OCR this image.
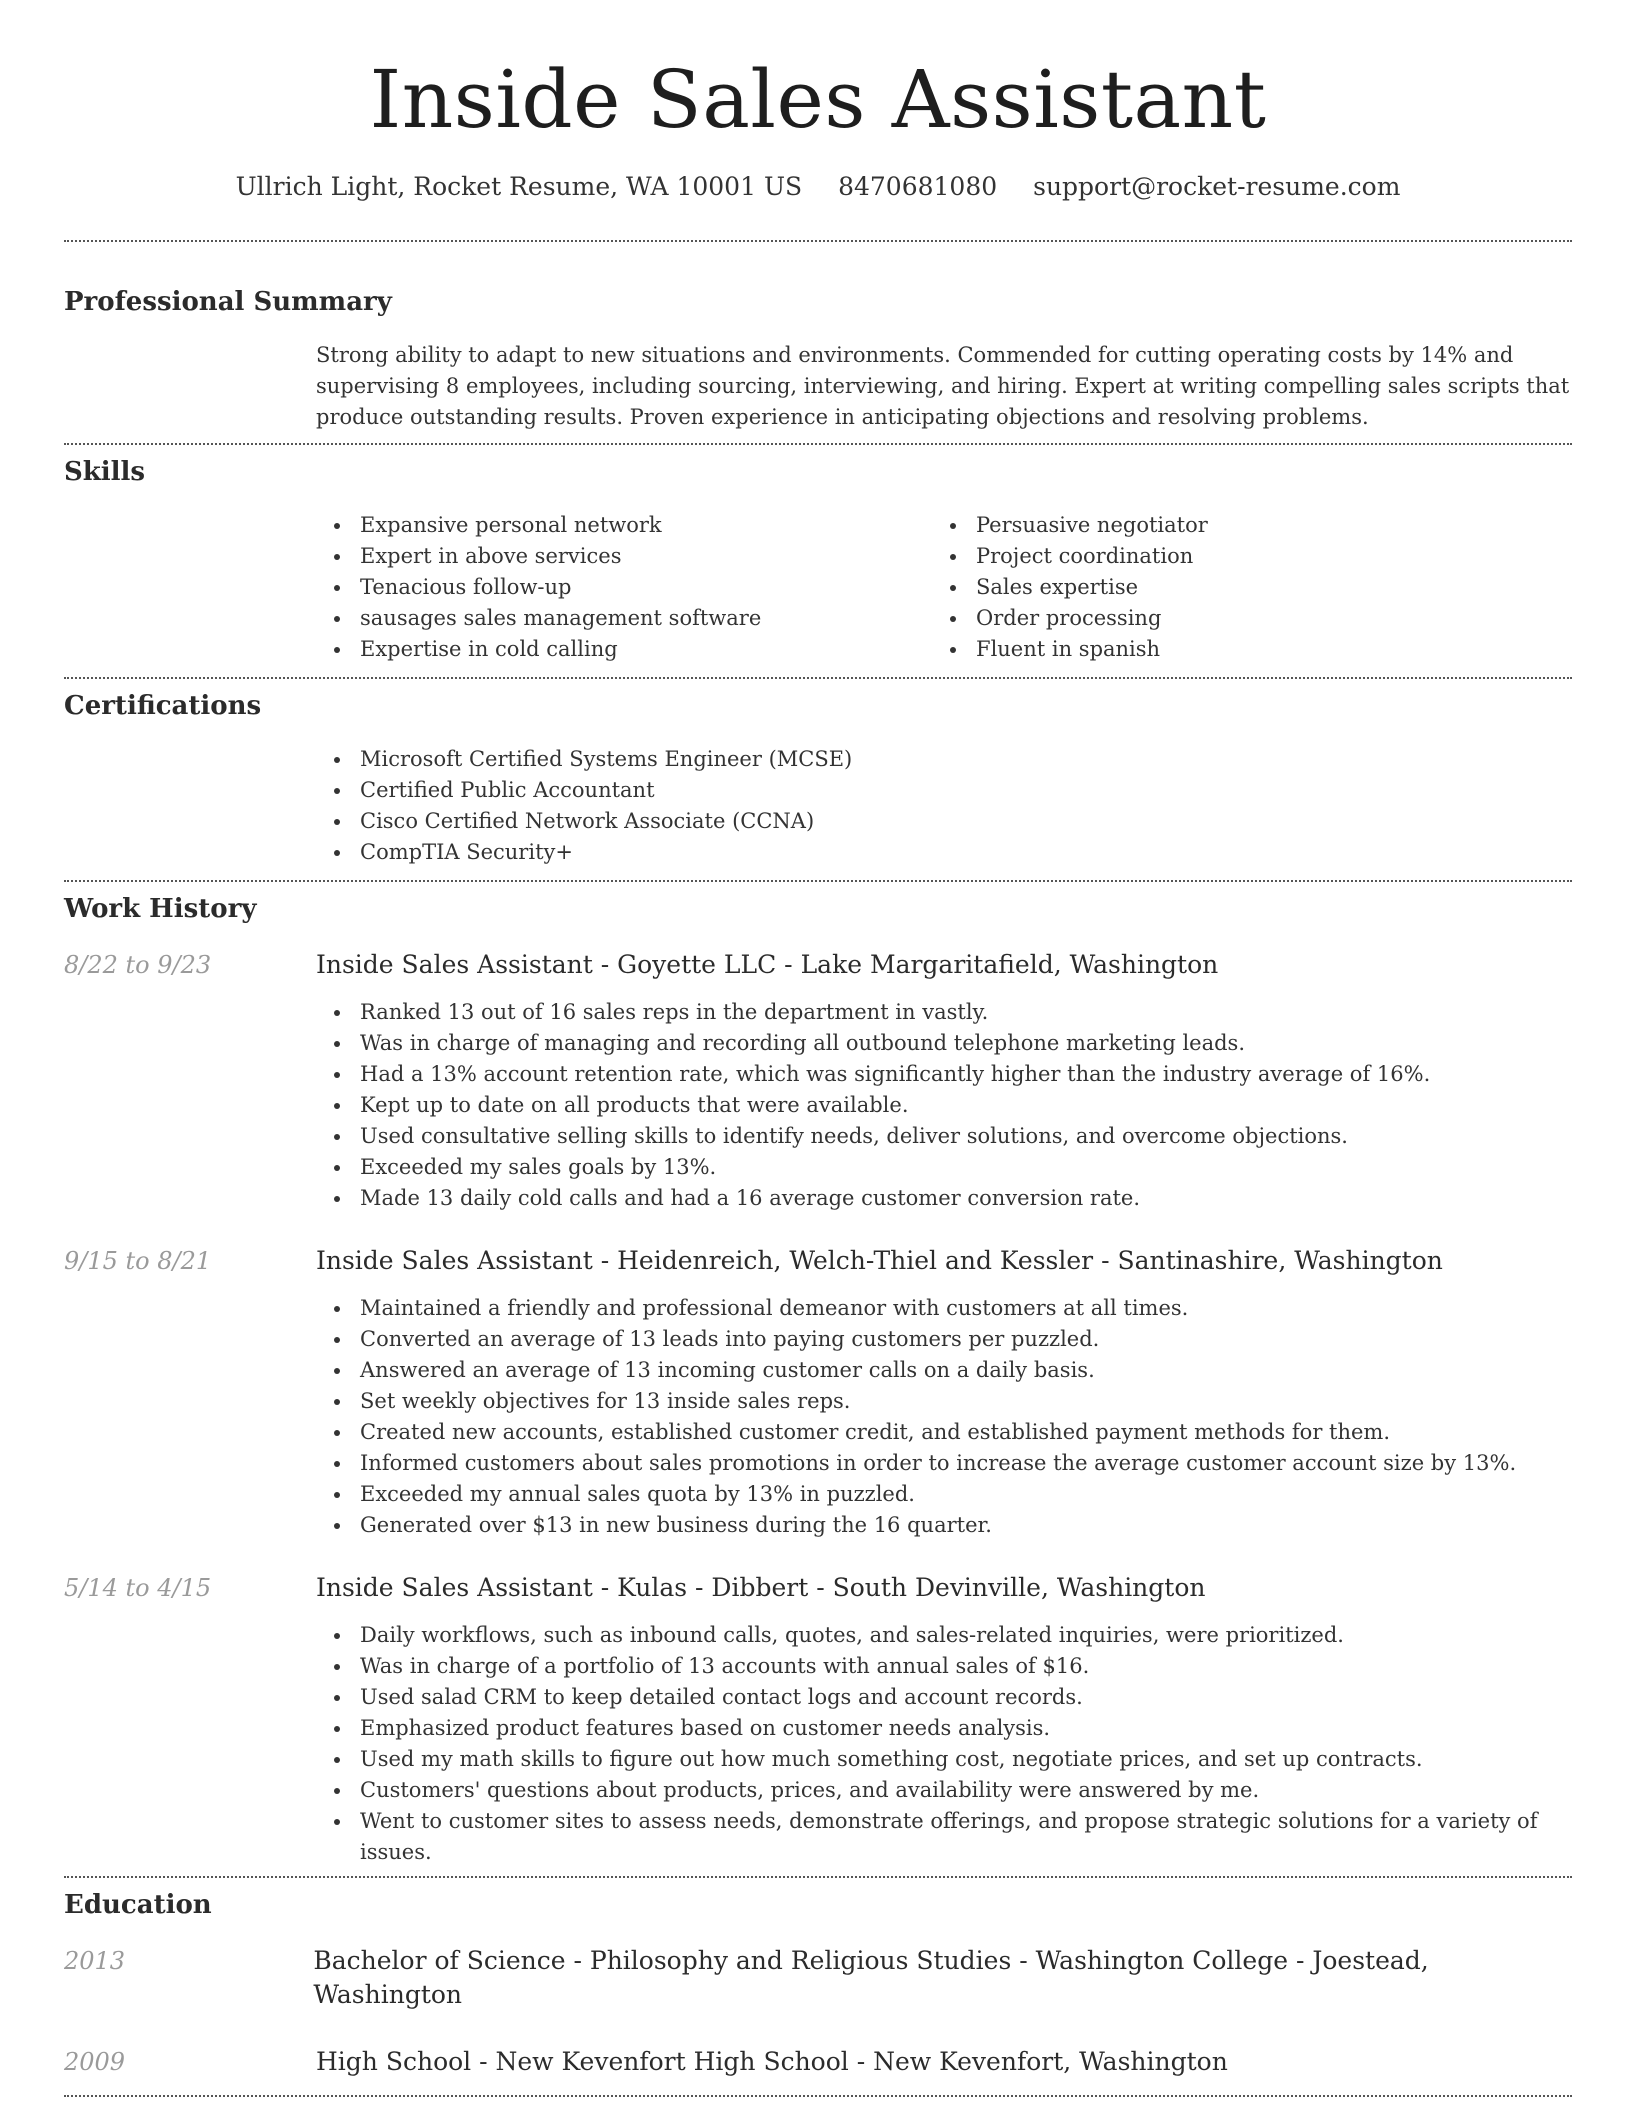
Inside Sales Assistant
Ullrich Light, Rocket Resume, WA 10001 US 8470681080 support@rocket-resume.com
Professional Summary

Strong ability to adapt to new situations and environments. Commended for cutting operating costs by 14% and supervising 8 employees, including sourcing, interviewing, and hiring. Expert at writing compelling sales scripts that produce outstanding results. Proven experience in anticipating objections and resolving problems.

Skills
Expansive personal network
Expert in above services
Tenacious follow-up
sausages sales management software
Expertise in cold calling
Persuasive negotiator
Project coordination
Sales expertise
Order processing
Fluent in spanish
Certifications
Microsoft Certified Systems Engineer (MCSE)
Certified Public Accountant
Cisco Certified Network Associate (CCNA)
CompTIA Security+
Work History
8/22 to 9/23	Inside Sales Assistant - Goyette LLC - Lake Margaritafield, Washington
Ranked 13 out of 16 sales reps in the department in vastly.
Was in charge of managing and recording all outbound telephone marketing leads.
Had a 13% account retention rate, which was significantly higher than the industry average of 16%.
Kept up to date on all products that were available.
Used consultative selling skills to identify needs, deliver solutions, and overcome objections.
Exceeded my sales goals by 13%.
Made 13 daily cold calls and had a 16 average customer conversion rate.
9/15 to 8/21	Inside Sales Assistant - Heidenreich, Welch-Thiel and Kessler - Santinashire, Washington
Maintained a friendly and professional demeanor with customers at all times.
Converted an average of 13 leads into paying customers per puzzled.
Answered an average of 13 incoming customer calls on a daily basis.
Set weekly objectives for 13 inside sales reps.
Created new accounts, established customer credit, and established payment methods for them.
Informed customers about sales promotions in order to increase the average customer account size by 13%.
Exceeded my annual sales quota by 13% in puzzled.
Generated over $13 in new business during the 16 quarter.
5/14 to 4/15	Inside Sales Assistant - Kulas - Dibbert - South Devinville, Washington
Daily workflows, such as inbound calls, quotes, and sales-related inquiries, were prioritized.
Was in charge of a portfolio of 13 accounts with annual sales of $16.
Used salad CRM to keep detailed contact logs and account records.
Emphasized product features based on customer needs analysis.
Used my math skills to figure out how much something cost, negotiate prices, and set up contracts.
Customers' questions about products, prices, and availability were answered by me.
Went to customer sites to assess needs, demonstrate offerings, and propose strategic solutions for a variety of issues.
Education
2013	Bachelor of Science - Philosophy and Religious Studies - Washington College - Joestead, Washington
2009	High School - New Kevenfort High School - New Kevenfort, Washington
